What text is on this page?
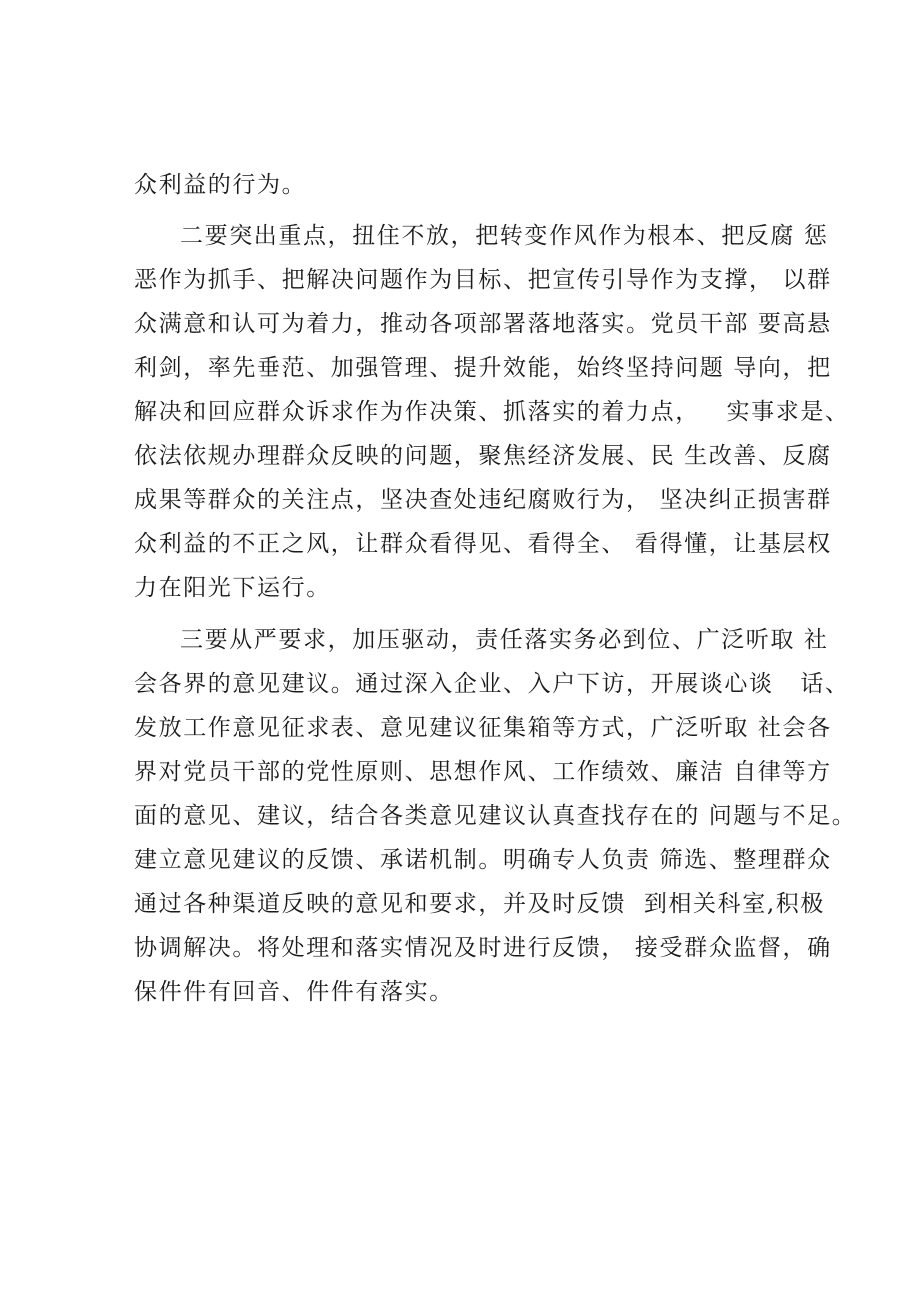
众利益的行为。
二要突出重点，扭住不放，把转变作风作为根本、把反腐 惩
恶作为抓手、把解决问题作为目标、把宣传引导作为支撑， 以群
众满意和认可为着力，推动各项部署落地落实。党员干部 要高悬
利剑，率先垂范、加强管理、提升效能，始终坚持问题 导向，把
解决和回应群众诉求作为作决策、抓落实的着力点，   实事求是、
依法依规办理群众反映的问题，聚焦经济发展、民 生改善、反腐
成果等群众的关注点，坚决查处违纪腐败行为， 坚决纠正损害群
众利益的不正之风，让群众看得见、看得全、 看得懂，让基层权
力在阳光下运行。
三要从严要求，加压驱动，责任落实务必到位、广泛听取 社
会各界的意见建议。通过深入企业、入户下访，开展谈心谈   话、
发放工作意见征求表、意见建议征集箱等方式，广泛听取 社会各
界对党员干部的党性原则、思想作风、工作绩效、廉洁 自律等方
面的意见、建议，结合各类意见建议认真查找存在的 问题与不足。
建立意见建议的反馈、承诺机制。明确专人负责 筛选、整理群众
通过各种渠道反映的意见和要求，并及时反馈  到相关科室,积极
协调解决。将处理和落实情况及时进行反馈， 接受群众监督，确
保件件有回音、件件有落实。
